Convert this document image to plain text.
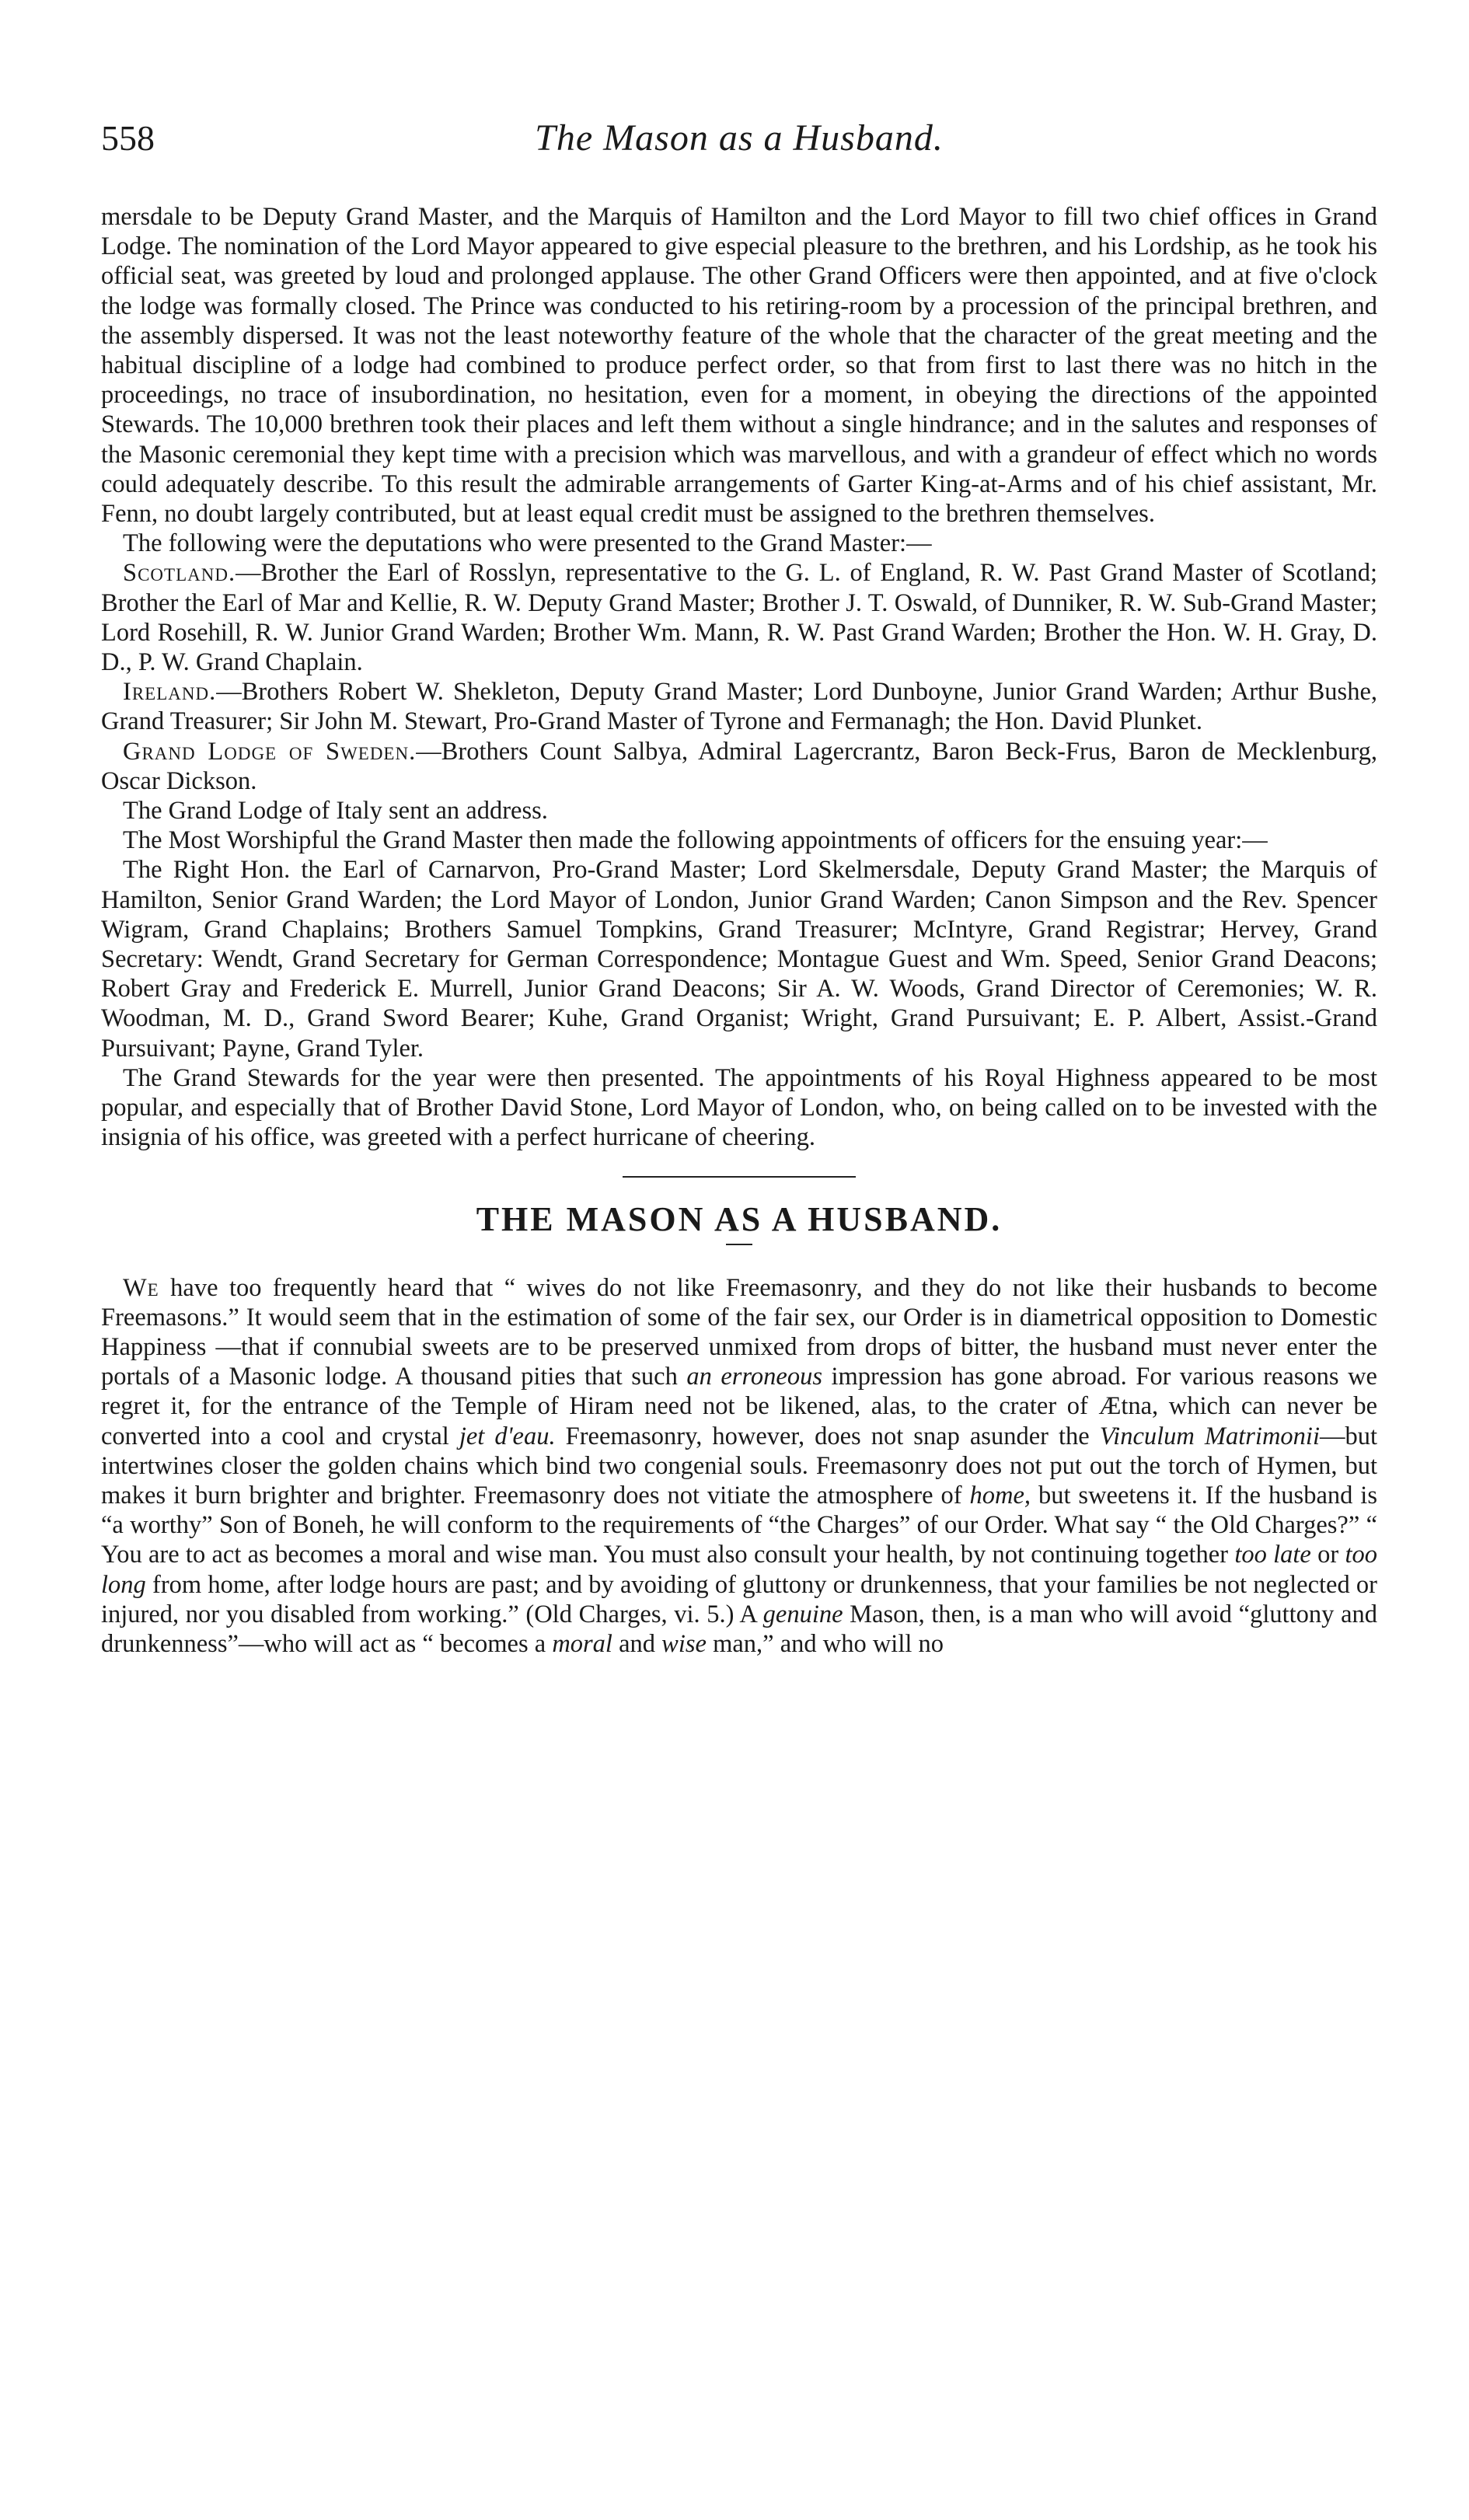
558	The Mason as a Husband.

mersdale to be Deputy Grand Master, and the Marquis of Hamilton and the Lord Mayor to fill two chief offices in Grand Lodge. The nomination of the Lord Mayor appeared to give especial pleasure to the brethren, and his Lordship, as he took his official seat, was greeted by loud and prolonged applause. The other Grand Officers were then appointed, and at five o'clock the lodge was formally closed. The Prince was conducted to his retiring-room by a procession of the principal brethren, and the assembly dispersed. It was not the least noteworthy feature of the whole that the character of the great meeting and the habitual discipline of a lodge had combined to produce perfect order, so that from first to last there was no hitch in the proceedings, no trace of insubordination, no hesitation, even for a moment, in obeying the directions of the appointed Stewards. The 10,000 brethren took their places and left them without a single hindrance; and in the salutes and responses of the Masonic ceremonial they kept time with a precision which was marvellous, and with a grandeur of effect which no words could adequately describe. To this result the admirable arrangements of Garter King-at-Arms and of his chief assistant, Mr. Fenn, no doubt largely contributed, but at least equal credit must be assigned to the brethren themselves.

The following were the deputations who were presented to the Grand Master:—

Scotland.—Brother the Earl of Rosslyn, representative to the G. L. of England, R. W. Past Grand Master of Scotland; Brother the Earl of Mar and Kellie, R. W. Deputy Grand Master; Brother J. T. Oswald, of Dunniker, R. W. Sub-Grand Master; Lord Rosehill, R. W. Junior Grand Warden; Brother Wm. Mann, R. W. Past Grand Warden; Brother the Hon. W. H. Gray, D. D., P. W. Grand Chaplain.

Ireland.—Brothers Robert W. Shekleton, Deputy Grand Master; Lord Dunboyne, Junior Grand Warden; Arthur Bushe, Grand Treasurer; Sir John M. Stewart, Pro-Grand Master of Tyrone and Fermanagh; the Hon. David Plunket.

Grand Lodge of Sweden.—Brothers Count Salbya, Admiral Lagercrantz, Baron Beck-Frus, Baron de Mecklenburg, Oscar Dickson.

The Grand Lodge of Italy sent an address.

The Most Worshipful the Grand Master then made the following appointments of officers for the ensuing year:—

The Right Hon. the Earl of Carnarvon, Pro-Grand Master; Lord Skelmersdale, Deputy Grand Master; the Marquis of Hamilton, Senior Grand Warden; the Lord Mayor of London, Junior Grand Warden; Canon Simpson and the Rev. Spencer Wigram, Grand Chaplains; Brothers Samuel Tompkins, Grand Treasurer; McIntyre, Grand Registrar; Hervey, Grand Secretary: Wendt, Grand Secretary for German Correspondence; Montague Guest and Wm. Speed, Senior Grand Deacons; Robert Gray and Frederick E. Murrell, Junior Grand Deacons; Sir A. W. Woods, Grand Director of Ceremonies; W. R. Woodman, M. D., Grand Sword Bearer; Kuhe, Grand Organist; Wright, Grand Pursuivant; E. P. Albert, Assist.-Grand Pursuivant; Payne, Grand Tyler.

The Grand Stewards for the year were then presented. The appointments of his Royal Highness appeared to be most popular, and especially that of Brother David Stone, Lord Mayor of London, who, on being called on to be invested with the insignia of his office, was greeted with a perfect hurricane of cheering.

THE MASON AS A HUSBAND.

We have too frequently heard that “ wives do not like Freemasonry, and they do not like their husbands to become Freemasons.” It would seem that in the estimation of some of the fair sex, our Order is in diametrical opposition to Domestic Happiness —that if connubial sweets are to be preserved unmixed from drops of bitter, the husband must never enter the portals of a Masonic lodge. A thousand pities that such an erroneous impression has gone abroad. For various reasons we regret it, for the entrance of the Temple of Hiram need not be likened, alas, to the crater of Ætna, which can never be converted into a cool and crystal jet d'eau. Freemasonry, however, does not snap asunder the Vinculum Matrimonii—but intertwines closer the golden chains which bind two congenial souls. Freemasonry does not put out the torch of Hymen, but makes it burn brighter and brighter. Freemasonry does not vitiate the atmosphere of home, but sweetens it. If the husband is “a worthy” Son of Boneh, he will conform to the requirements of “the Charges” of our Order. What say “ the Old Charges?” “ You are to act as becomes a moral and wise man. You must also consult your health, by not continuing together too late or too long from home, after lodge hours are past; and by avoiding of gluttony or drunkenness, that your families be not neglected or injured, nor you disabled from working.” (Old Charges, vi. 5.) A genuine Mason, then, is a man who will avoid “gluttony and drunkenness”—who will act as “ becomes a moral and wise man,” and who will no
